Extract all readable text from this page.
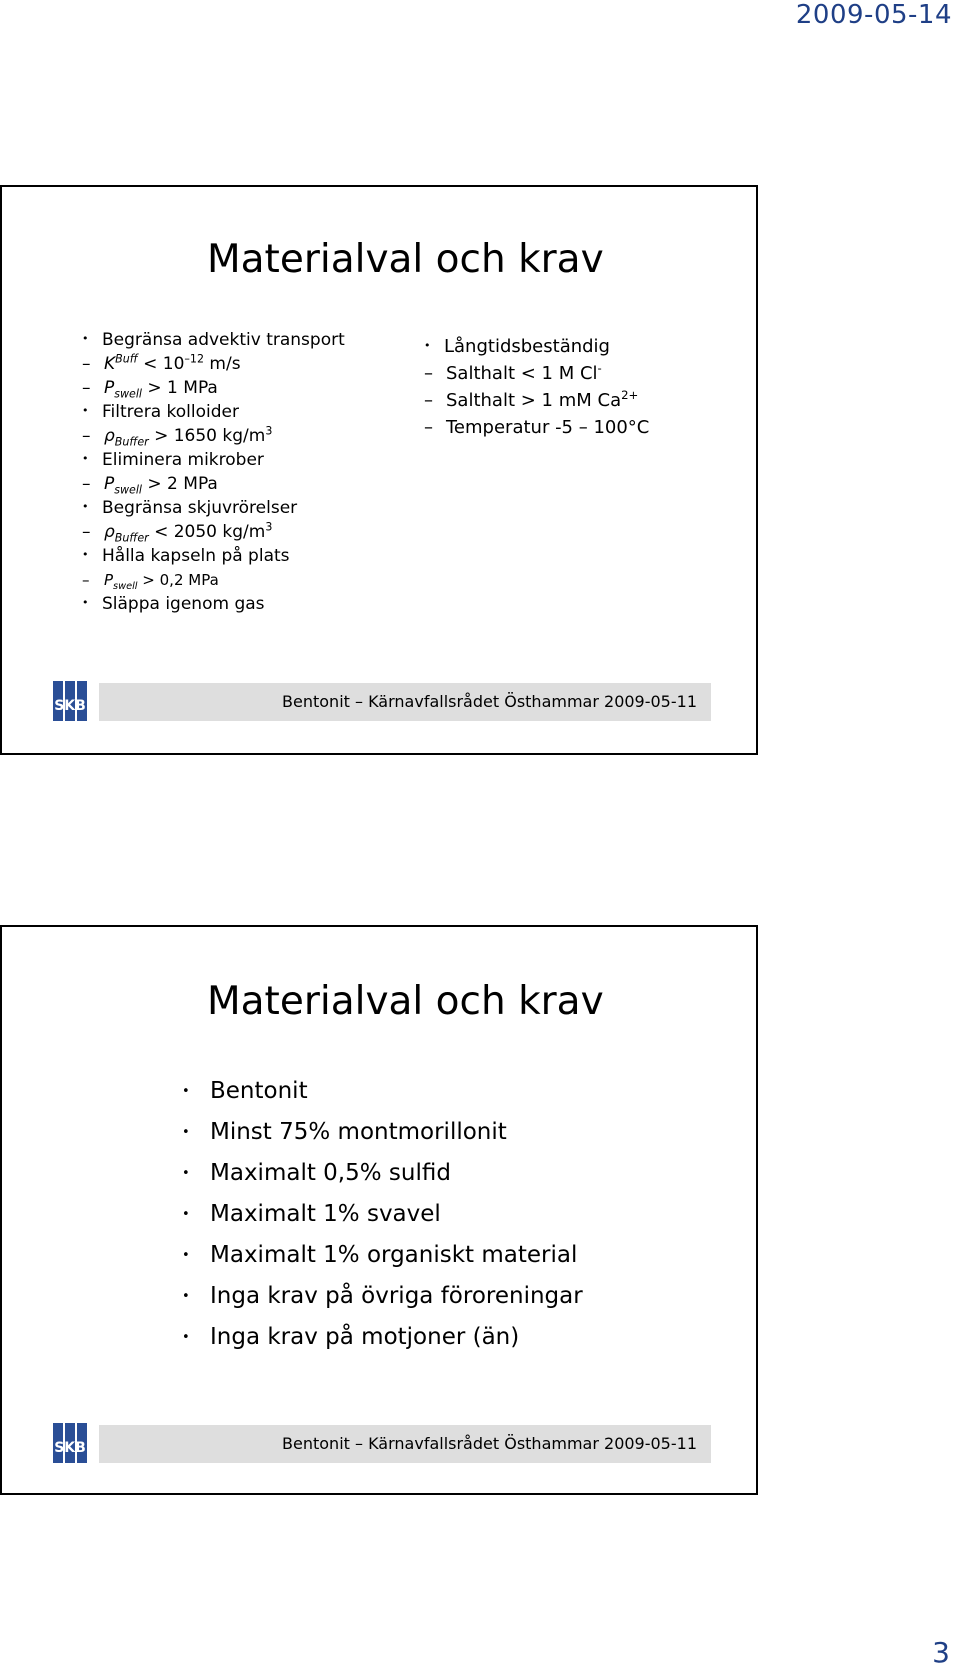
2009-05-14
Materialval och krav
• Begränsa advektiv transport
– $K^{Buff} < 10^{-12}$ m/s
– $P_{swell} > 1$ MPa
• Filtrera kolloider
– $\rho_{Buffer} > 1650$ $kg/m^3$
• Eliminera mikrober
– $P_{swell} > 2$ MPa
• Begränsa skjuvrörelser
– $\rho_{Buffer} < 2050$ $kg/m^3$
• Hålla kapseln på plats
– $P_{swell} > 0,2$ MPa
• Släppa igenom gas
• Långtidsbeständig
– Salthalt < 1 M Cl-
– Salthalt > 1 mM $Ca^{2+}$
– Temperatur -5 – 100°C
SKB	Bentonit – Kärnavfallsrådet Östhammar 2009-05-11
Materialval och krav
• Bentonit
• Minst 75% montmorillonit
• Maximalt 0,5% sulfid
• Maximalt 1% svavel
• Maximalt 1% organiskt material
• Inga krav på övriga föroreningar
• Inga krav på motjoner (än)
SKB	Bentonit – Kärnavfallsrådet Östhammar 2009-05-11
3
